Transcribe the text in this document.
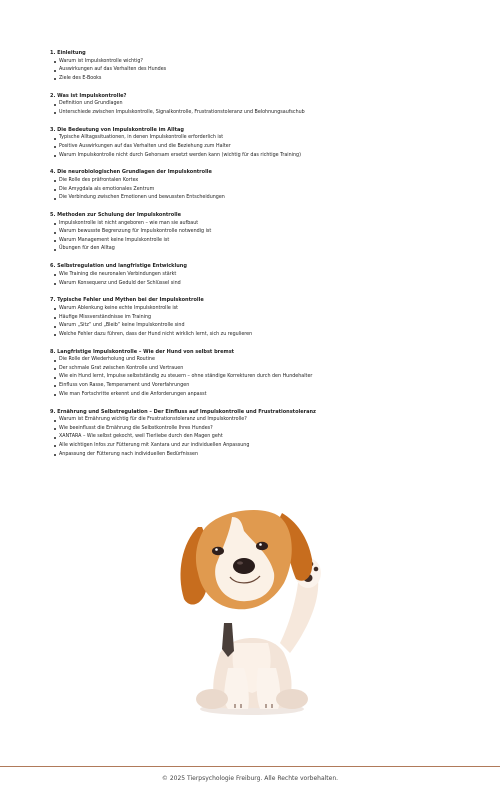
1. Einleitung

Warum ist Impulskontrolle wichtig?
Auswirkungen auf das Verhalten des Hundes
Ziele des E-Books

2. Was ist Impulskontrolle?

Definition und Grundlagen
Unterschiede zwischen Impulskontrolle, Signalkontrolle, Frustrationstoleranz und Belohnungsaufschub

3. Die Bedeutung von Impulskontrolle im Alltag

Typische Alltagssituationen, in denen Impulskontrolle erforderlich ist
Positive Auswirkungen auf das Verhalten und die Beziehung zum Halter
Warum Impulskontrolle nicht durch Gehorsam ersetzt werden kann (wichtig für das richtige Training)

4. Die neurobiologischen Grundlagen der Impulskontrolle

Die Rolle des präfrontalen Kortex
Die Amygdala als emotionales Zentrum
Die Verbindung zwischen Emotionen und bewussten Entscheidungen

5. Methoden zur Schulung der Impulskontrolle

Impulskontrolle ist nicht angeboren – wie man sie aufbaut
Warum bewusste Begrenzung für Impulskontrolle notwendig ist
Warum Management keine Impulskontrolle ist
Übungen für den Alltag

6. Selbstregulation und langfristige Entwicklung

Wie Training die neuronalen Verbindungen stärkt
Warum Konsequenz und Geduld der Schlüssel sind

7. Typische Fehler und Mythen bei der Impulskontrolle

Warum Ablenkung keine echte Impulskontrolle ist
Häufige Missverständnisse im Training
Warum „Sitz“ und „Bleib“ keine Impulskontrolle sind
Welche Fehler dazu führen, dass der Hund nicht wirklich lernt, sich zu regulieren

8. Langfristige Impulskontrolle – Wie der Hund von selbst bremst

Die Rolle der Wiederholung und Routine
Der schmale Grat zwischen Kontrolle und Vertrauen
Wie ein Hund lernt, Impulse selbstständig zu steuern – ohne ständige Korrekturen durch den Hundehalter
Einfluss von Rasse, Temperament und Vorerfahrungen
Wie man Fortschritte erkennt und die Anforderungen anpasst

9. Ernährung und Selbstregulation – Der Einfluss auf Impulskontrolle und Frustrationstoleranz

Warum ist Ernährung wichtig für die Frustrationstoleranz und Impulskontrolle?
Wie beeinflusst die Ernährung die Selbstkontrolle Ihres Hundes?
XANTARA – Wie selbst gekocht, weil Tierliebe durch den Magen geht
Alle wichtigen Infos zur Fütterung mit Xantara und zur individuellen Anpassung
Anpassung der Fütterung nach individuellen Bedürfnissen
© 2025 Tierpsychologie Freiburg. Alle Rechte vorbehalten.
